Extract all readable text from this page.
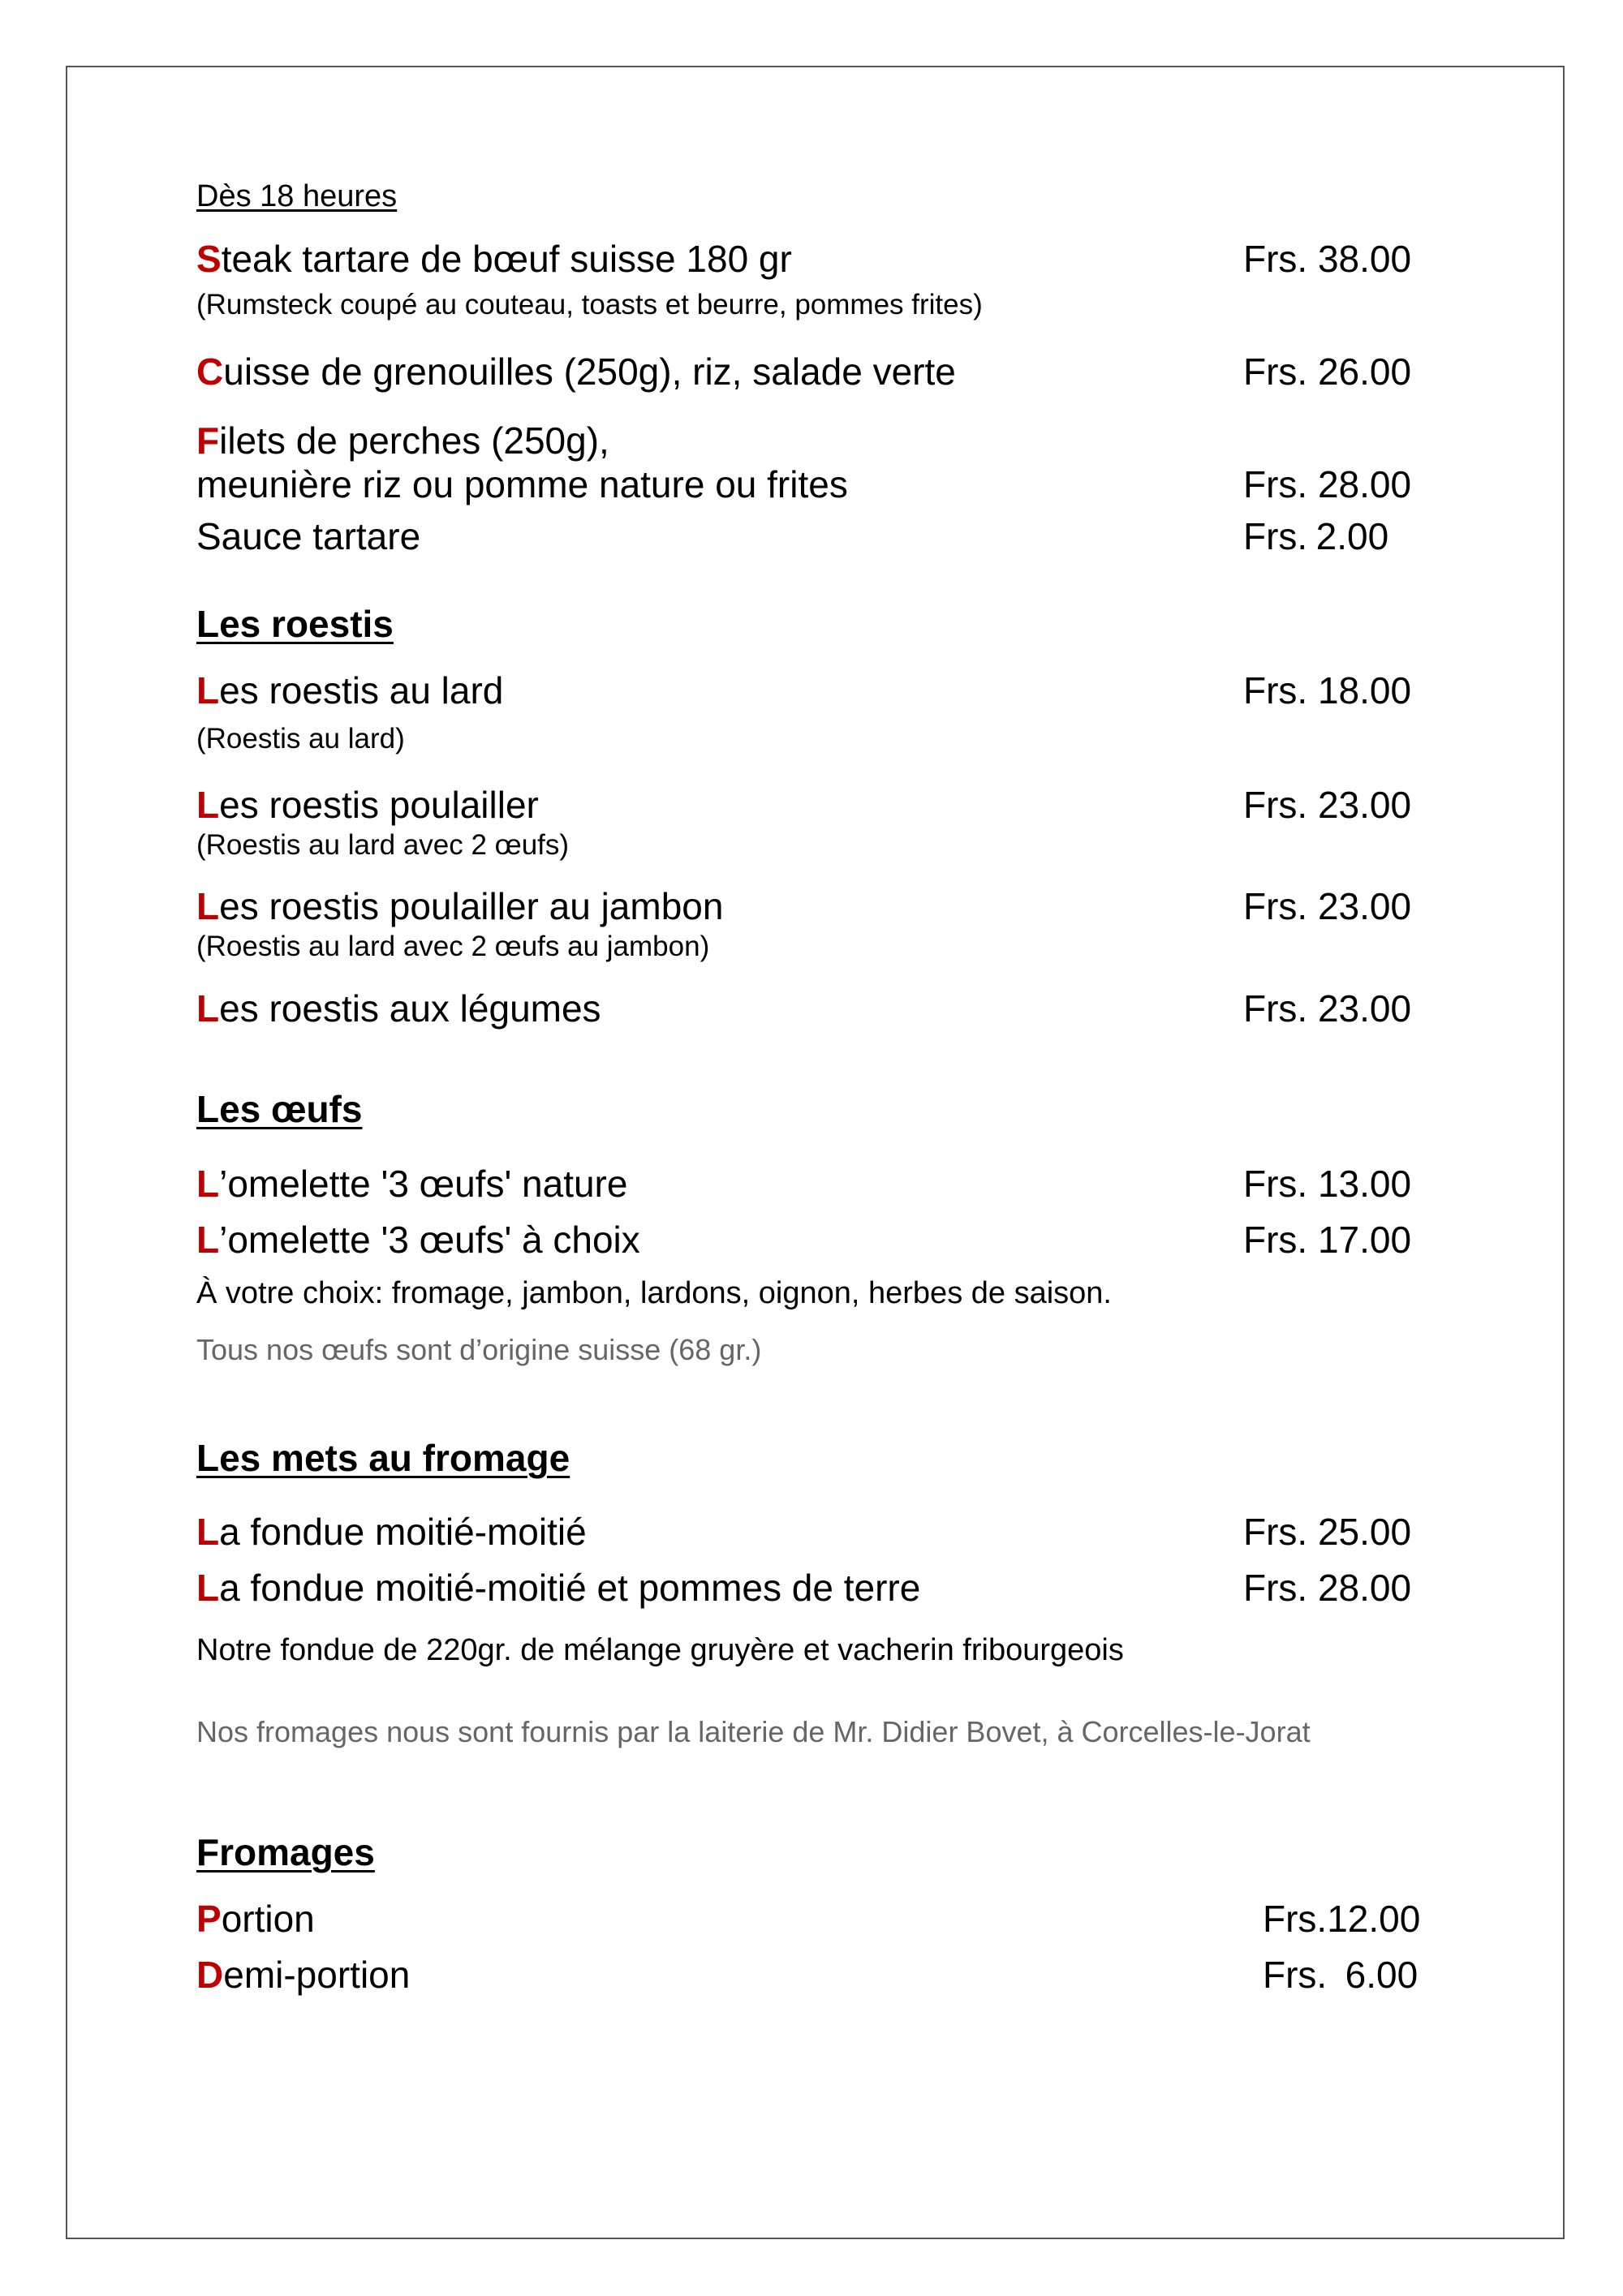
Dès 18 heures
Steak tartare de bœuf suisse 180 gr	Frs. 38.00
(Rumsteck coupé au couteau, toasts et beurre, pommes frites)
Cuisse de grenouilles (250g), riz, salade verte	Frs. 26.00
Filets de perches (250g),
meunière riz ou pomme nature ou frites	Frs. 28.00
Sauce tartare	Frs. 2.00
Les roestis
Les roestis au lard	Frs. 18.00
(Roestis au lard)
Les roestis poulailler	Frs. 23.00
(Roestis au lard avec 2 œufs)
Les roestis poulailler au jambon	Frs. 23.00
(Roestis au lard avec 2 œufs au jambon)
Les roestis aux légumes	Frs. 23.00
Les œufs
L’omelette '3 œufs' nature	Frs. 13.00
L’omelette '3 œufs' à choix	Frs. 17.00
À votre choix: fromage, jambon, lardons, oignon, herbes de saison.
Tous nos œufs sont d’origine suisse (68 gr.)
Les mets au fromage
La fondue moitié-moitié	Frs. 25.00
La fondue moitié-moitié et pommes de terre	Frs. 28.00
Notre fondue de 220gr. de mélange gruyère et vacherin fribourgeois
Nos fromages nous sont fournis par la laiterie de Mr. Didier Bovet, à Corcelles-le-Jorat
Fromages
Portion	Frs.12.00
Demi-portion	Frs. 6.00
